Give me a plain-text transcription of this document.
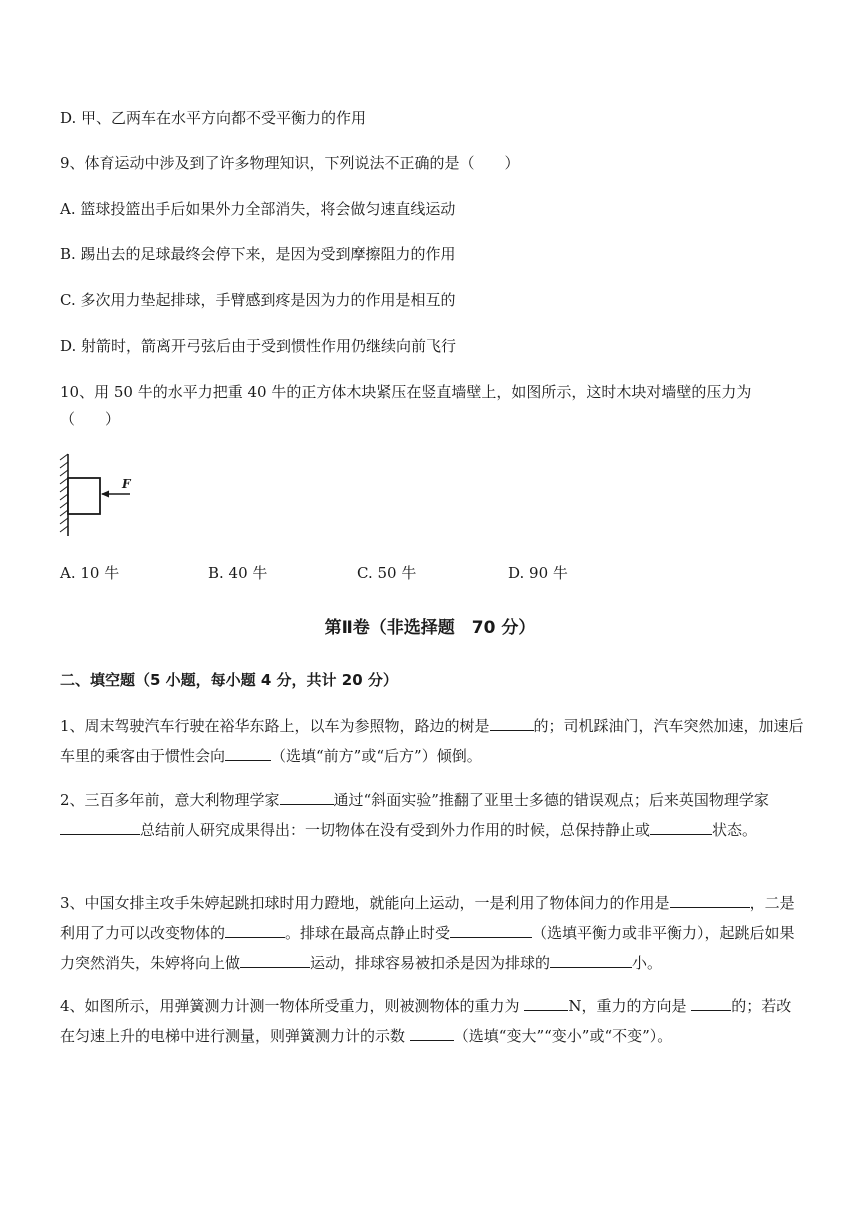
D. 甲、乙两车在水平方向都不受平衡力的作用
9、体育运动中涉及到了许多物理知识，下列说法不正确的是（　　）
A. 篮球投篮出手后如果外力全部消失，将会做匀速直线运动
B. 踢出去的足球最终会停下来，是因为受到摩擦阻力的作用
C. 多次用力垫起排球，手臂感到疼是因为力的作用是相互的
D. 射箭时，箭离开弓弦后由于受到惯性作用仍继续向前飞行
10、用 50 牛的水平力把重 40 牛的正方体木块紧压在竖直墙壁上，如图所示，这时木块对墙壁的压力为
（　　）
F
A. 10 牛	B. 40 牛	C. 50 牛	D. 90 牛
第Ⅱ卷（非选择题　70 分）
二、填空题（5 小题，每小题 4 分，共计 20 分）
1、周末驾驶汽车行驶在裕华东路上，以车为参照物，路边的树是	的；司机踩油门，汽车突然加速，加速后车里的乘客由于惯性会向	（选填“前方”或“后方”）倾倒。
2、三百多年前，意大利物理学家	通过“斜面实验”推翻了亚里士多德的错误观点；后来英国物理学家总结前人研究成果得出：一切物体在没有受到外力作用的时候，总保持静止或	状态。
3、中国女排主攻手朱婷起跳扣球时用力蹬地，就能向上运动，一是利用了物体间力的作用是	，二是利用了力可以改变物体的	。排球在最高点静止时受	（选填平衡力或非平衡力），起跳后如果力突然消失，朱婷将向上做	运动，排球容易被扣杀是因为排球的	小。
4、如图所示，用弹簧测力计测一物体所受重力，则被测物体的重力为	N，重力的方向是	的；若改在匀速上升的电梯中进行测量，则弹簧测力计的示数	（选填“变大”“变小”或“不变”）。
